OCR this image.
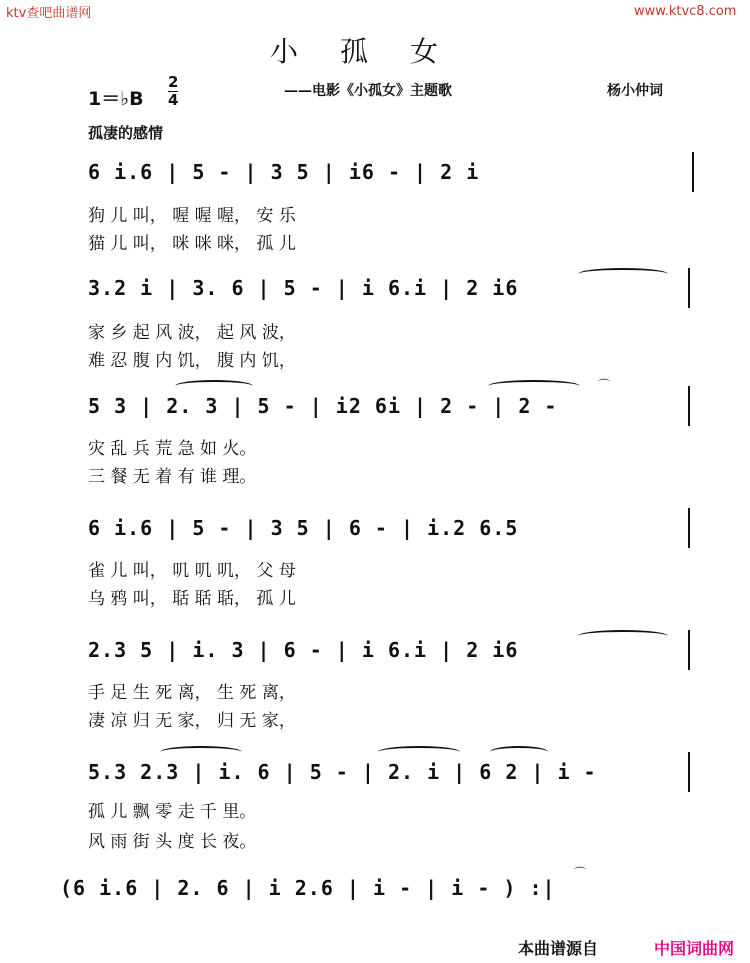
ktv查吧曲谱网	www.ktvc8.com
小孤女
1＝♭B $\frac{2}{4}$	——电影《小孤女》主题歌	杨小仲词
孤凄的感情
6 i.6 | 5 - | 3 5 | i6 - | 2 i
狗 儿 叫， 喔 喔 喔， 安 乐
猫 儿 叫， 咪 咪 咪， 孤 儿
3.2 i | 3. 6 | 5 - | i 6.i | 2 i6
家 乡 起 风 波， 起 风 波，
难 忍 腹 内 饥， 腹 内 饥，
5 3 | 2. 3 | 5 - | i2 6i | 2 - | 2 -
灾 乱 兵 荒 急 如 火。
三 餐 无 着 有 谁 理。
⌒
6 i.6 | 5 - | 3 5 | 6 - | i.2 6.5
雀 儿 叫， 叽 叽 叽， 父 母
乌 鸦 叫， 聒 聒 聒， 孤 儿
2.3 5 | i. 3 | 6 - | i 6.i | 2 i6
手 足 生 死 离， 生 死 离，
凄 凉 归 无 家， 归 无 家，
5.3 2.3 | i. 6 | 5 - | 2. i | 6 2 | i -
孤 儿 飘 零 走 千 里。
风 雨 街 头 度 长 夜。
(6 i.6 | 2. 6 | i 2.6 | i - | i - ) :|
⌒
本曲谱源自	中国词曲网
